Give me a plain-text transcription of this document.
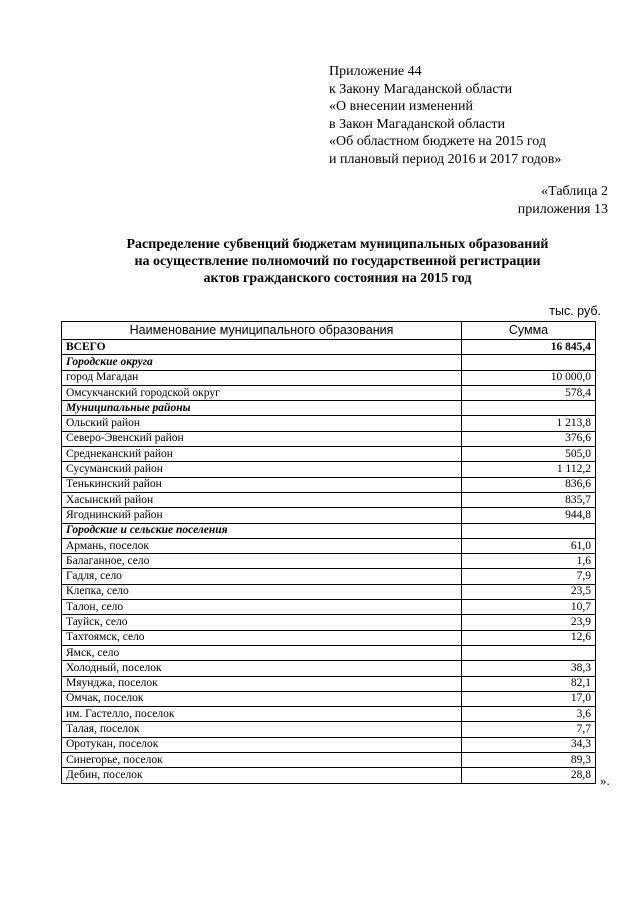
Приложение 44
к Закону Магаданской области
«О внесении изменений
в Закон Магаданской области
«Об областном бюджете на 2015 год
и плановый период 2016 и 2017 годов»
«Таблица 2
приложения 13
Распределение субвенций бюджетам муниципальных образований
на осуществление полномочий по государственной регистрации
актов гражданского состояния на 2015 год
тыс. руб.
Наименование муниципального образования	Сумма
ВСЕГО	16 845,4
Городские округа	
город Магадан	10 000,0
Омсукчанский городской округ	578,4
Муниципальные районы	
Ольский район	1 213,8
Северо-Эвенский район	376,6
Среднеканский район	505,0
Сусуманский район	1 112,2
Тенькинский район	836,6
Хасынский район	835,7
Ягоднинский район	944,8
Городские и сельские поселения	
Армань, поселок	61,0
Балаганное, село	1,6
Гадля, село	7,9
Клепка, село	23,5
Талон, село	10,7
Тауйск, село	23,9
Тахтоямск, село	12,6
Ямск, село	
Холодный, поселок	38,3
Мяунджа, поселок	82,1
Омчак, поселок	17,0
им. Гастелло, поселок	3,6
Талая, поселок	7,7
Оротукан, поселок	34,3
Синегорье, поселок	89,3
Дебин, поселок	28,8 ».
